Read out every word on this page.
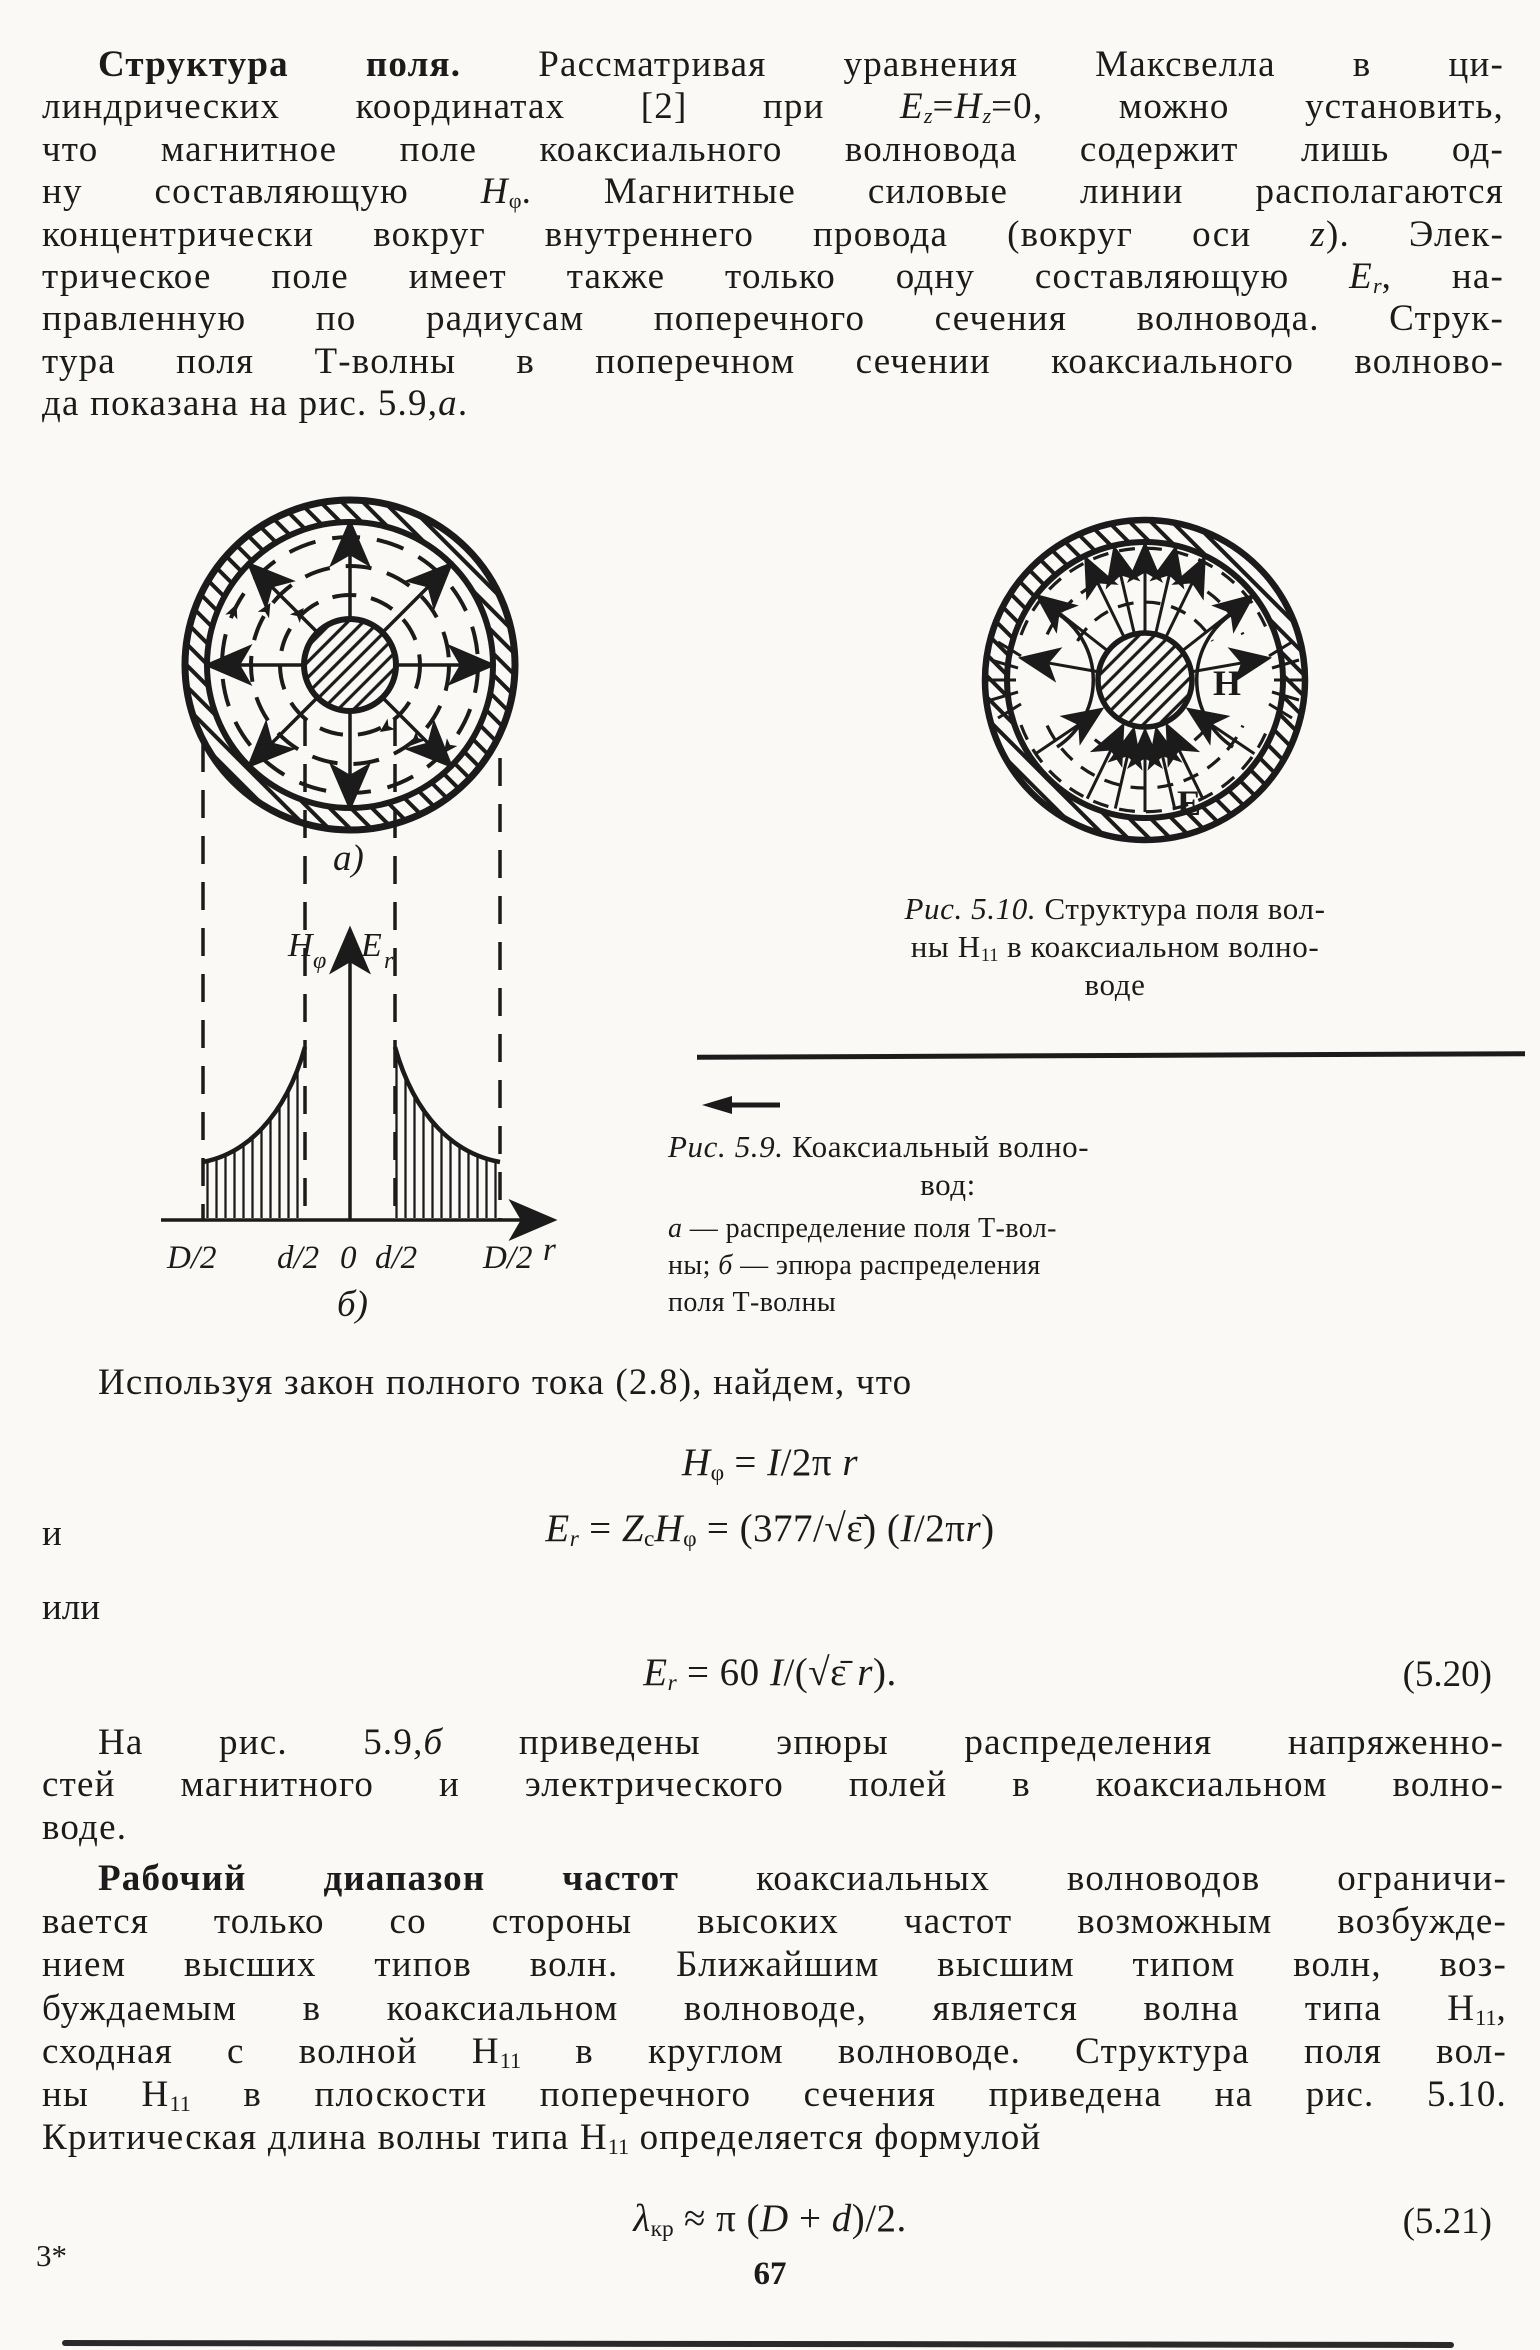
Структура поля. Рассматривая уравнения Максвелла в ци-
линдрических координатах [2] при $E_z=H_z=0$, можно установить,
что магнитное поле коаксиального волновода содержит лишь од-
ну составляющую $H_\varphi$. Магнитные силовые линии располагаются
концентрически вокруг внутреннего провода (вокруг оси z). Элек-
трическое поле имеет также только одну составляющую $E_r$, на-
правленную по радиусам поперечного сечения волновода. Струк-
тура поля Т-волны в поперечном сечении коаксиального волново-
да показана на рис. 5.9,а.
а)
H φ E r
D/2 d/2 0 d/2 D/2 r
б)
H
E
Рис. 5.10. Структура поля вол-
ны $Н_{11}$ в коаксиальном волно-
воде
Рис. 5.9. Коаксиальный волно-
вод:
а — распределение поля Т-вол-
ны; б — эпюра распределения
поля Т-волны
Используя закон полного тока (2.8), найдем, что
$H_\varphi = I/2\pi$ r
и	$E_r = Z_сH_\varphi$ = (377/√ε̄) (I/2πr)
или
$E_r = 60$ I/(√ε̄ r).	(5.20)
На рис. 5.9,б приведены эпюры распределения напряженно-
стей магнитного и электрического полей в коаксиальном волно-
воде.
Рабочий диапазон частот коаксиальных волноводов ограничи-
вается только со стороны высоких частот возможным возбужде-
нием высших типов волн. Ближайшим высшим типом волн, воз-
буждаемым в коаксиальном волноводе, является волна типа $Н_{11}$,
сходная с волной $Н_{11}$ в круглом волноводе. Структура поля вол-
ны $Н_{11}$ в плоскости поперечного сечения приведена на рис. 5.10.
Критическая длина волны типа $Н_{11}$ определяется формулой
$\lambda_{кр} \approx \pi$ (D + d)/2.	(5.21)
3*
67
